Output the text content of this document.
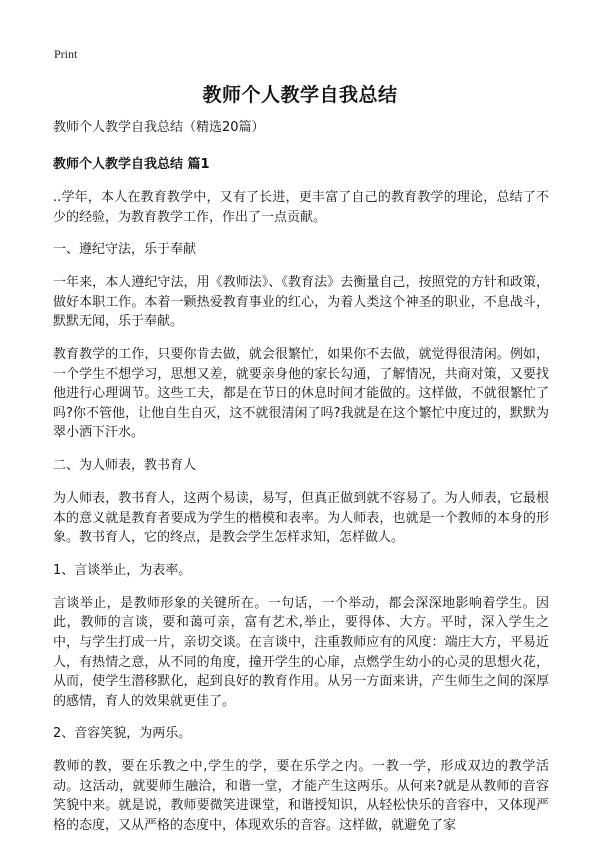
Print
教师个人教学自我总结

教师个人教学自我总结（精选20篇）

教师个人教学自我总结 篇1

..学年，本人在教育教学中，又有了长进，更丰富了自己的教育教学的理论，总结了不少的经验，为教育教学工作，作出了一点贡献。

一、遵纪守法，乐于奉献

一年来，本人遵纪守法，用《教师法》、《教育法》去衡量自己，按照党的方针和政策，做好本职工作。本着一颗热爱教育事业的红心，为着人类这个神圣的职业，不息战斗，默默无闻，乐于奉献。

教育教学的工作，只要你肯去做，就会很繁忙，如果你不去做，就觉得很清闲。例如，一个学生不想学习，思想又差，就要亲身他的家长勾通，了解情况，共商对策，又要找他进行心理调节。这些工夫，都是在节日的休息时间才能做的。这样做，不就很繁忙了吗?你不管他，让他自生自灭，这不就很清闲了吗?我就是在这个繁忙中度过的，默默为翠小洒下汗水。

二、为人师表，教书育人

为人师表，教书育人，这两个易读，易写，但真正做到就不容易了。为人师表，它最根本的意义就是教育者要成为学生的楷模和表率。为人师表，也就是一个教师的本身的形象。教书育人，它的终点，是教会学生怎样求知，怎样做人。

1、言谈举止，为表率。

言谈举止，是教师形象的关键所在。一句话，一个举动，都会深深地影响着学生。因此，教师的言谈，要和蔼可亲，富有艺术,举止，要得体、大方。平时，深入学生之中，与学生打成一片，亲切交谈。在言谈中，注重教师应有的风度：端庄大方，平易近人，有热情之意，从不同的角度，撞开学生的心扉，点燃学生幼小的心灵的思想火花，从而，使学生潜移默化，起到良好的教育作用。从另一方面来讲，产生师生之间的深厚的感情，育人的效果就更佳了。

2、音容笑貌，为两乐。

教师的教，要在乐教之中,学生的学，要在乐学之内。一教一学，形成双边的教学活动。这活动，就要师生融洽，和谐一堂，才能产生这两乐。从何来?就是从教师的音容笑貌中来。就是说，教师要微笑进课堂，和谐授知识，从轻松快乐的音容中，又体现严格的态度，又从严格的态度中，体现欢乐的音容。这样做，就避免了家
